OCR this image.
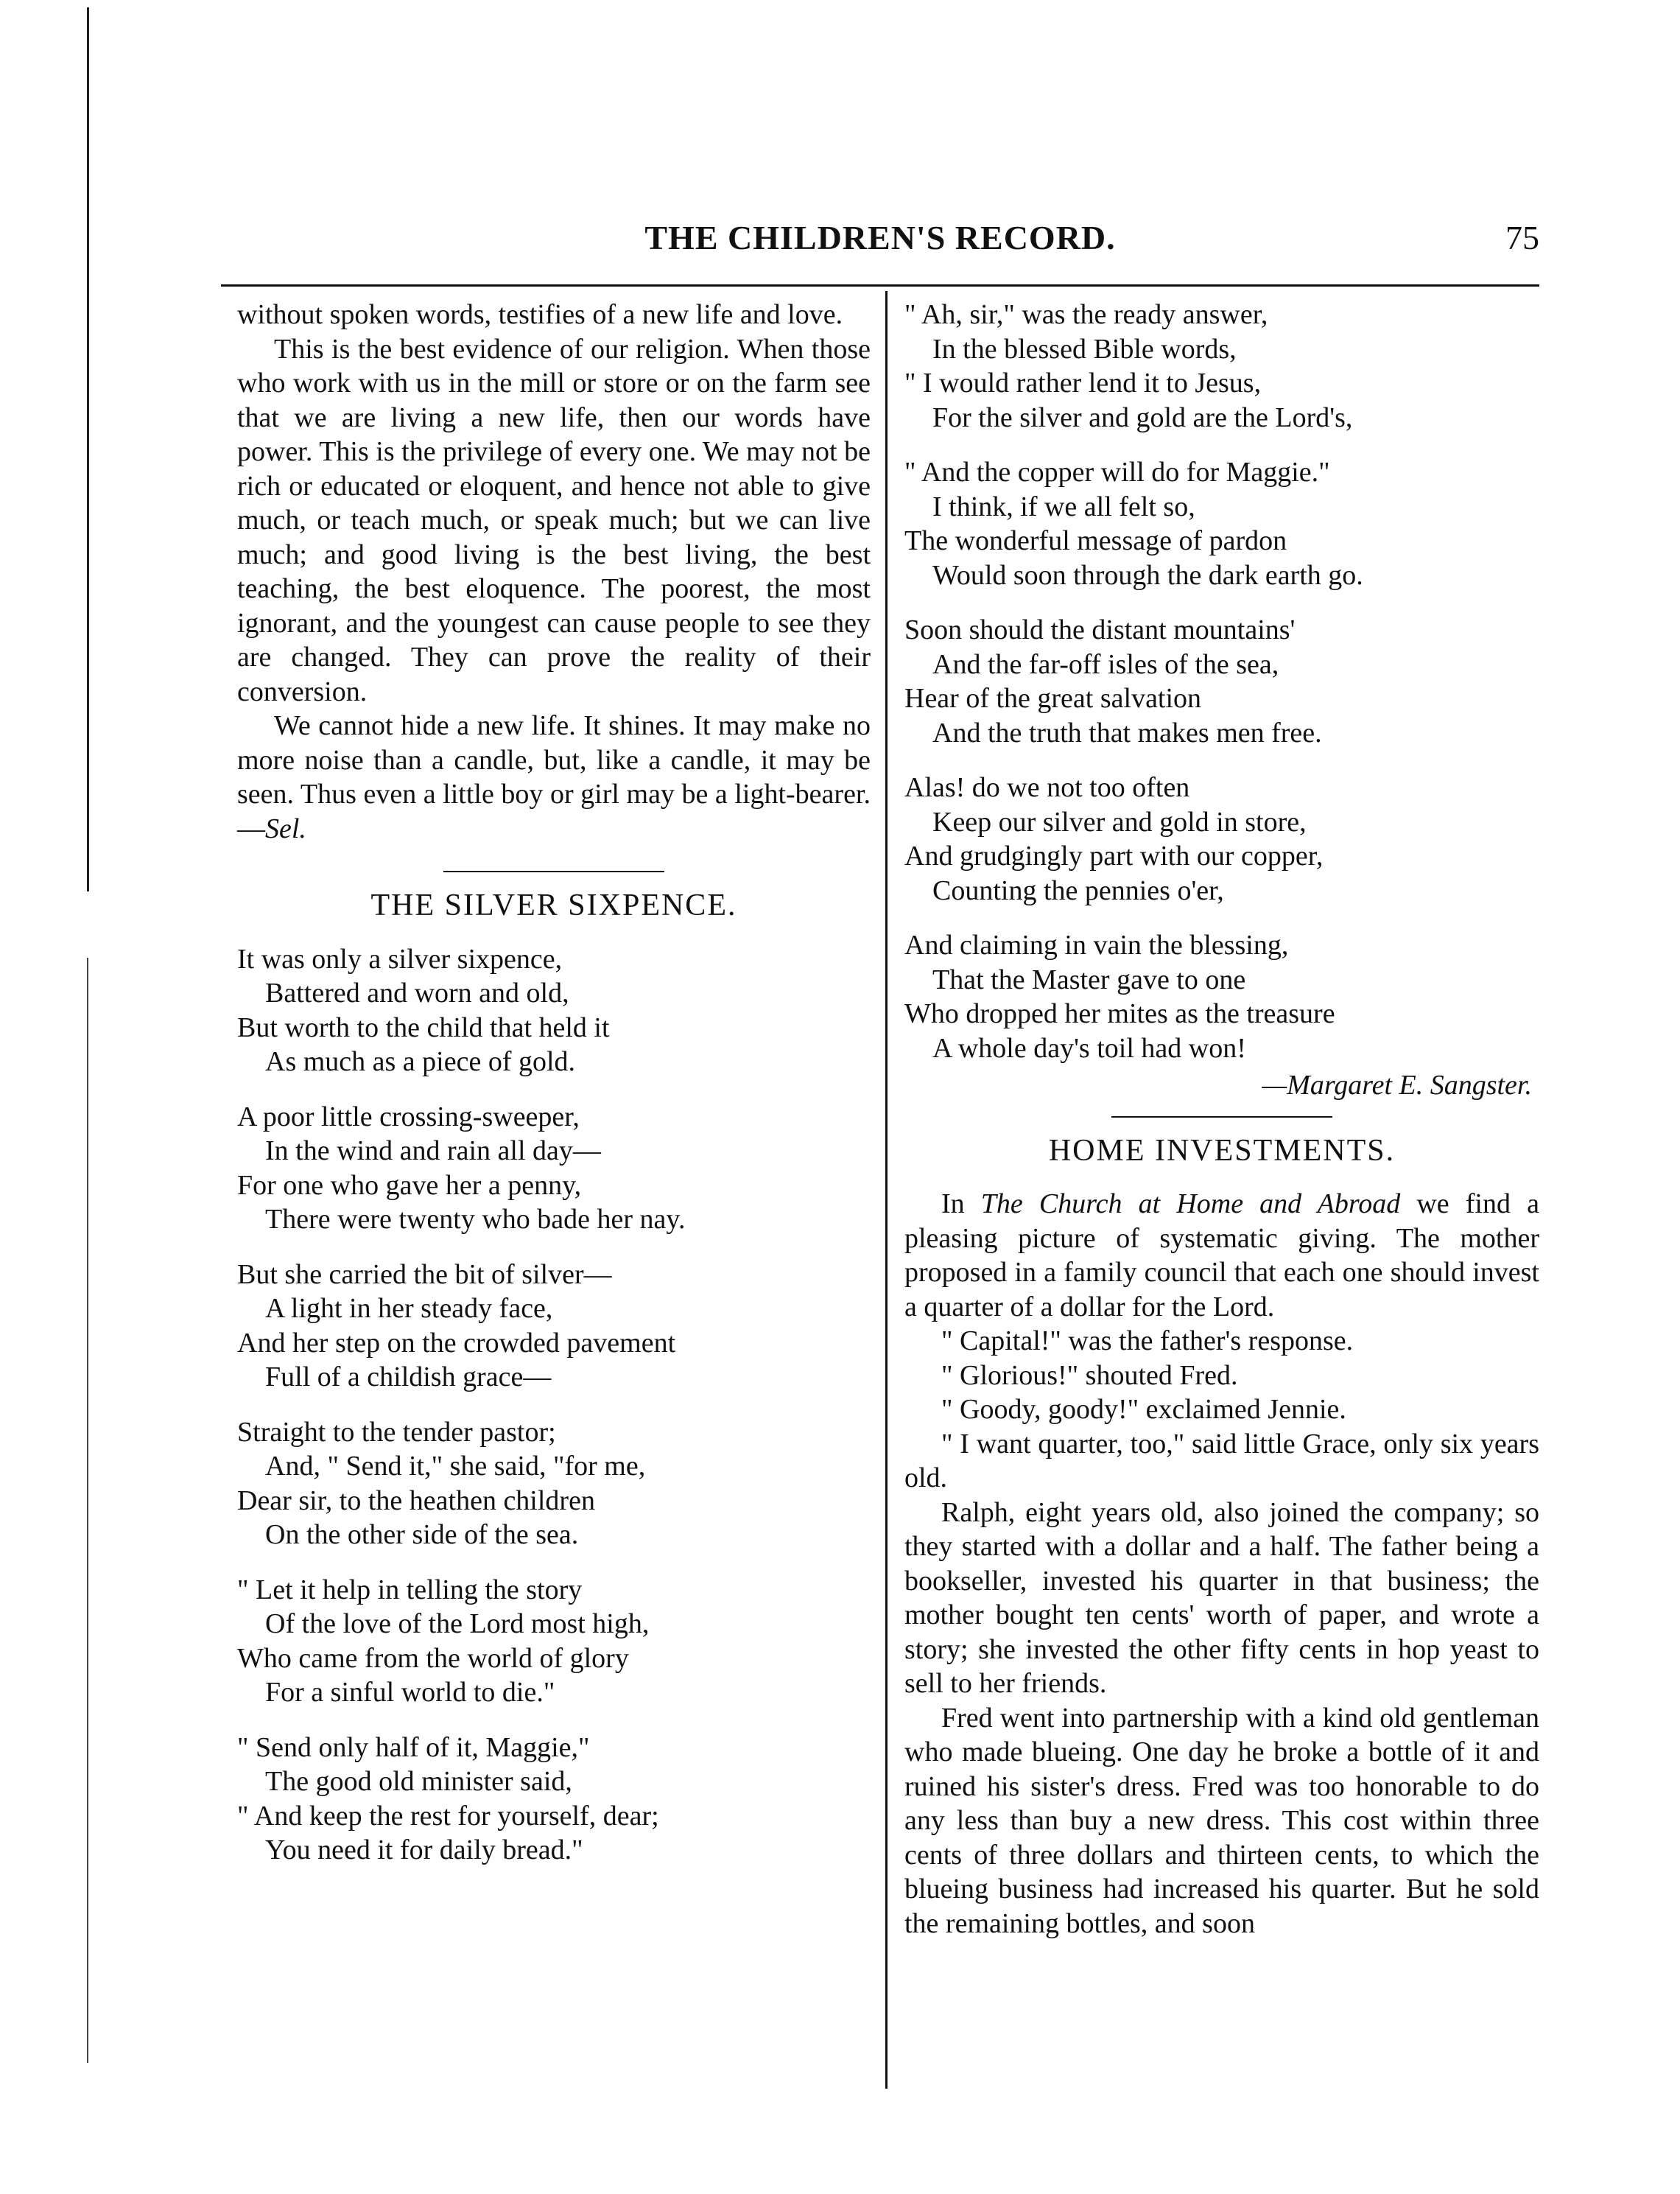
THE CHILDREN'S RECORD.	75

without spoken words, testifies of a new life and love.

This is the best evidence of our religion. When those who work with us in the mill or store or on the farm see that we are living a new life, then our words have power. This is the privilege of every one. We may not be rich or educated or eloquent, and hence not able to give much, or teach much, or speak much; but we can live much; and good living is the best living, the best teaching, the best eloquence. The poorest, the most ignorant, and the youngest can cause people to see they are changed. They can prove the reality of their conversion.

We cannot hide a new life. It shines. It may make no more noise than a candle, but, like a candle, it may be seen. Thus even a little boy or girl may be a light-bearer.—Sel.

THE SILVER SIXPENCE.
It was only a silver sixpence,
Battered and worn and old,
But worth to the child that held it
As much as a piece of gold.
A poor little crossing-sweeper,
In the wind and rain all day—
For one who gave her a penny,
There were twenty who bade her nay.
But she carried the bit of silver—
A light in her steady face,
And her step on the crowded pavement
Full of a childish grace—
Straight to the tender pastor;
And, " Send it," she said, "for me,
Dear sir, to the heathen children
On the other side of the sea.
" Let it help in telling the story
Of the love of the Lord most high,
Who came from the world of glory
For a sinful world to die."
" Send only half of it, Maggie,"
The good old minister said,
" And keep the rest for yourself, dear;
You need it for daily bread."
" Ah, sir," was the ready answer,
In the blessed Bible words,
" I would rather lend it to Jesus,
For the silver and gold are the Lord's,
" And the copper will do for Maggie."
I think, if we all felt so,
The wonderful message of pardon
Would soon through the dark earth go.
Soon should the distant mountains'
And the far-off isles of the sea,
Hear of the great salvation
And the truth that makes men free.
Alas! do we not too often
Keep our silver and gold in store,
And grudgingly part with our copper,
Counting the pennies o'er,
And claiming in vain the blessing,
That the Master gave to one
Who dropped her mites as the treasure
A whole day's toil had won!
—Margaret E. Sangster.
HOME INVESTMENTS.

In The Church at Home and Abroad we find a pleasing picture of systematic giving. The mother proposed in a family council that each one should invest a quarter of a dollar for the Lord.

" Capital!" was the father's response.

" Glorious!" shouted Fred.

" Goody, goody!" exclaimed Jennie.

" I want quarter, too," said little Grace, only six years old.

Ralph, eight years old, also joined the company; so they started with a dollar and a half. The father being a bookseller, invested his quarter in that business; the mother bought ten cents' worth of paper, and wrote a story; she invested the other fifty cents in hop yeast to sell to her friends.

Fred went into partnership with a kind old gentleman who made blueing. One day he broke a bottle of it and ruined his sister's dress. Fred was too honorable to do any less than buy a new dress. This cost within three cents of three dollars and thirteen cents, to which the blueing business had increased his quarter. But he sold the remaining bottles, and soon
